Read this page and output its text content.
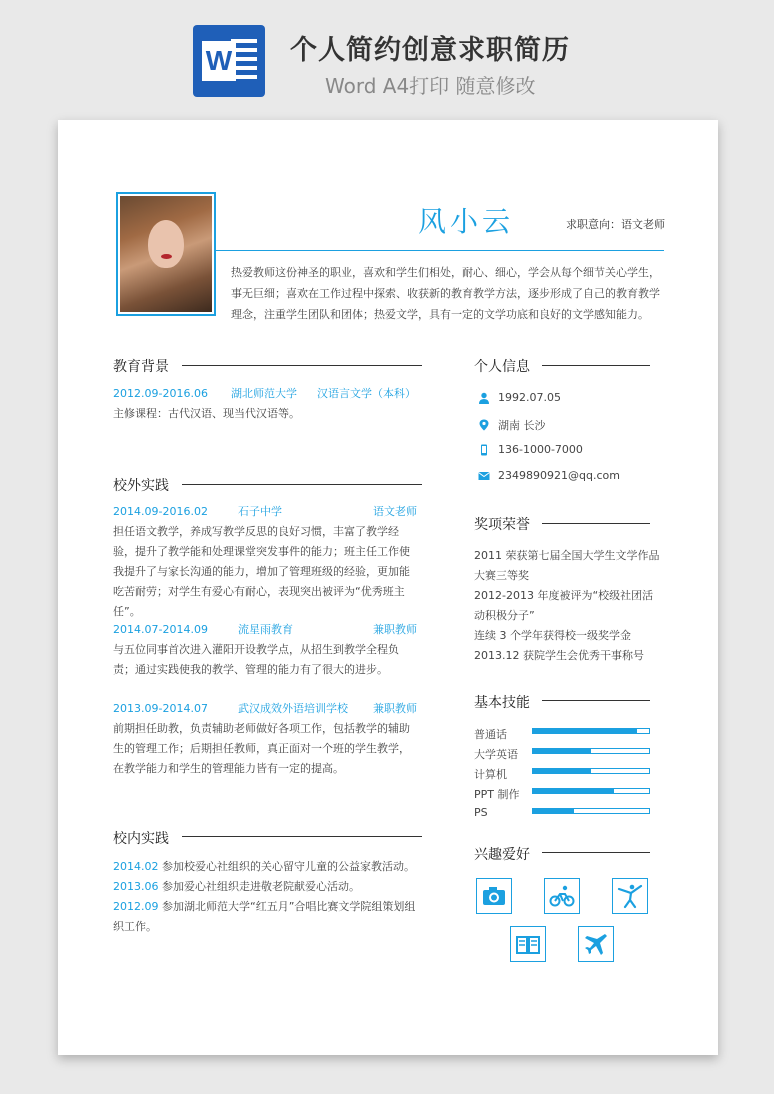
W 个人简约创意求职简历
Word A4打印 随意修改
风小云	求职意向：语文老师
热爱教师这份神圣的职业，喜欢和学生们相处，耐心、细心，学会从每个细节关心学生，事无巨细；喜欢在工作过程中探索、收获新的教育教学方法，逐步形成了自己的教育教学理念，注重学生团队和团体；热爱文学，具有一定的文学功底和良好的文学感知能力。
教育背景
2012.09-2016.06	湖北师范大学	汉语言文学（本科）
主修课程：古代汉语、现当代汉语等。
校外实践
2014.09-2016.02	石子中学	语文老师
担任语文教学，养成写教学反思的良好习惯，丰富了教学经验，提升了教学能和处理课堂突发事件的能力；班主任工作使我提升了与家长沟通的能力，增加了管理班级的经验，更加能吃苦耐劳；对学生有爱心有耐心，表现突出被评为“优秀班主任”。
2014.07-2014.09	流星雨教育	兼职教师
与五位同事首次进入灌阳开设教学点，从招生到教学全程负责；通过实践使我的教学、管理的能力有了很大的进步。
2013.09-2014.07	武汉成效外语培训学校 兼职教师
前期担任助教，负责辅助老师做好各项工作，包括教学的辅助生的管理工作；后期担任教师，真正面对一个班的学生教学，在教学能力和学生的管理能力皆有一定的提高。
校内实践
2014.02 参加校爱心社组织的关心留守儿童的公益家教活动。
2013.06 参加爱心社组织走进敬老院献爱心活动。
2012.09 参加湖北师范大学“红五月”合唱比赛文学院组策划组织工作。
个人信息
1992.07.05
湖南 长沙
136-1000-7000
2349890921@qq.com
奖项荣誉
2011 荣获第七届全国大学生文学作品大赛三等奖
2012-2013 年度被评为“校级社团活动积极分子”
连续 3 个学年获得校一级奖学金
2013.12 获院学生会优秀干事称号
基本技能
普通话
大学英语
计算机
PPT 制作
PS
兴趣爱好
